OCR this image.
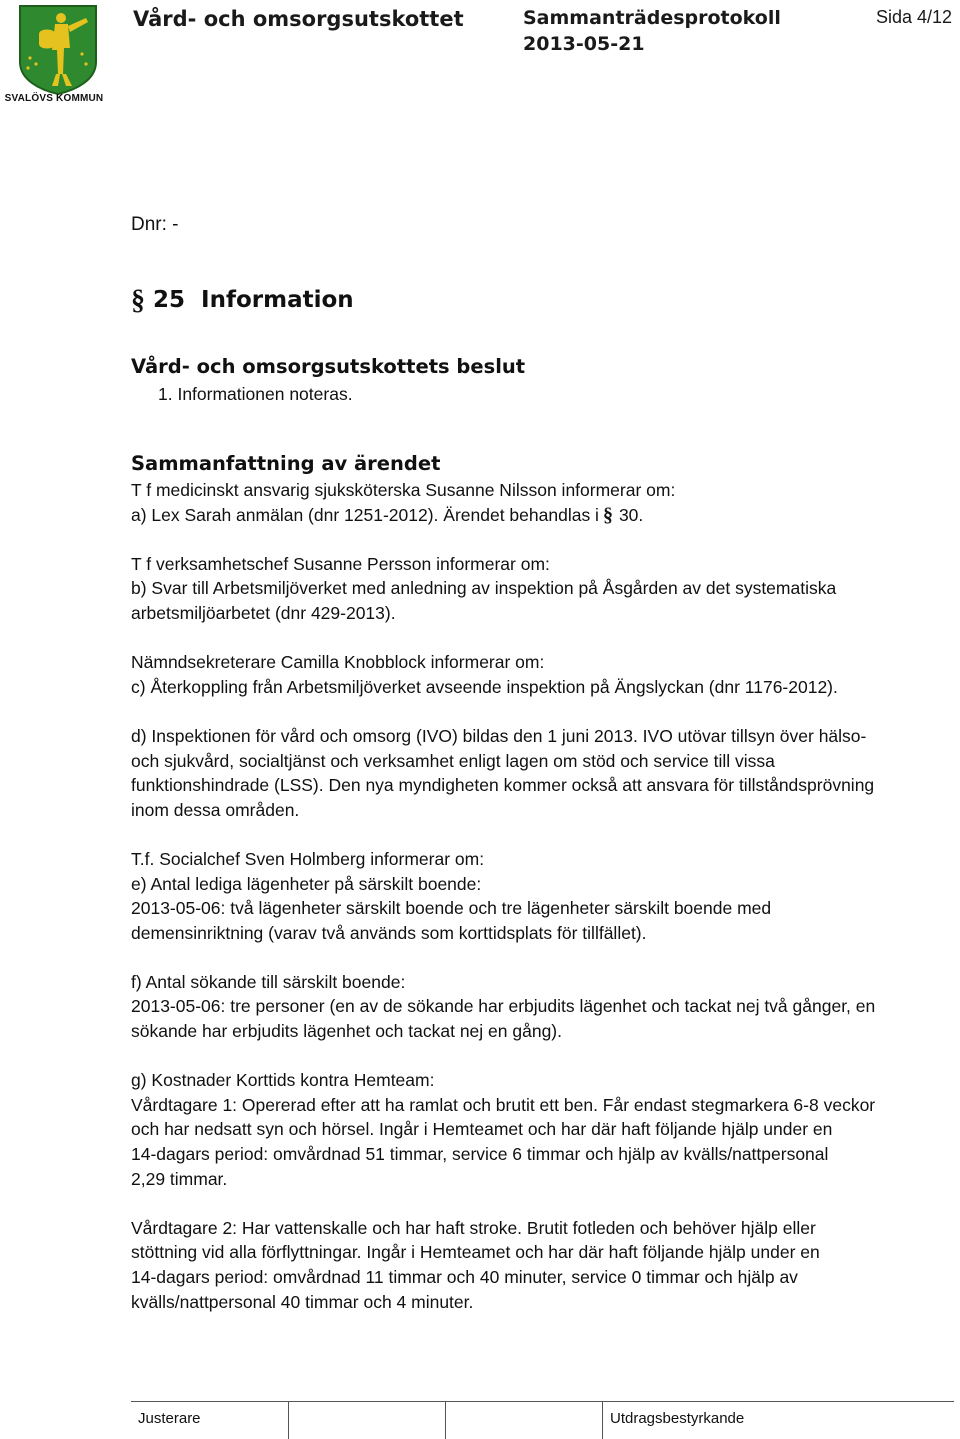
SVALÖVS KOMMUN
Vård- och omsorgsutskottet	Sammanträdesprotokoll
2013-05-21
Sida 4/12
Dnr: -
§ 25  Information
Vård- och omsorgsutskottets beslut
1. Informationen noteras.
Sammanfattning av ärendet

T f medicinskt ansvarig sjuksköterska Susanne Nilsson informerar om:
a) Lex Sarah anmälan (dnr 1251-2012). Ärendet behandlas i § 30.

T f verksamhetschef Susanne Persson informerar om:
b) Svar till Arbetsmiljöverket med anledning av inspektion på Åsgården av det systematiska
arbetsmiljöarbetet (dnr 429-2013).

Nämndsekreterare Camilla Knobblock informerar om:
c) Återkoppling från Arbetsmiljöverket avseende inspektion på Ängslyckan (dnr 1176-2012).

d) Inspektionen för vård och omsorg (IVO) bildas den 1 juni 2013. IVO utövar tillsyn över hälso-
och sjukvård, socialtjänst och verksamhet enligt lagen om stöd och service till vissa
funktionshindrade (LSS). Den nya myndigheten kommer också att ansvara för tillståndsprövning
inom dessa områden.

T.f. Socialchef Sven Holmberg informerar om:
e) Antal lediga lägenheter på särskilt boende:
2013-05-06: två lägenheter särskilt boende och tre lägenheter särskilt boende med
demensinriktning (varav två används som korttidsplats för tillfället).

f) Antal sökande till särskilt boende:
2013-05-06: tre personer (en av de sökande har erbjudits lägenhet och tackat nej två gånger, en
sökande har erbjudits lägenhet och tackat nej en gång).

g) Kostnader Korttids kontra Hemteam:
Vårdtagare 1: Opererad efter att ha ramlat och brutit ett ben. Får endast stegmarkera 6-8 veckor
och har nedsatt syn och hörsel. Ingår i Hemteamet och har där haft följande hjälp under en
14-dagars period: omvårdnad 51 timmar, service 6 timmar och hjälp av kvälls/nattpersonal
2,29 timmar.

Vårdtagare 2: Har vattenskalle och har haft stroke. Brutit fotleden och behöver hjälp eller
stöttning vid alla förflyttningar. Ingår i Hemteamet och har där haft följande hjälp under en
14-dagars period: omvårdnad 11 timmar och 40 minuter, service 0 timmar och hjälp av
kvälls/nattpersonal 40 timmar och 4 minuter.

Justerare	Utdragsbestyrkande
